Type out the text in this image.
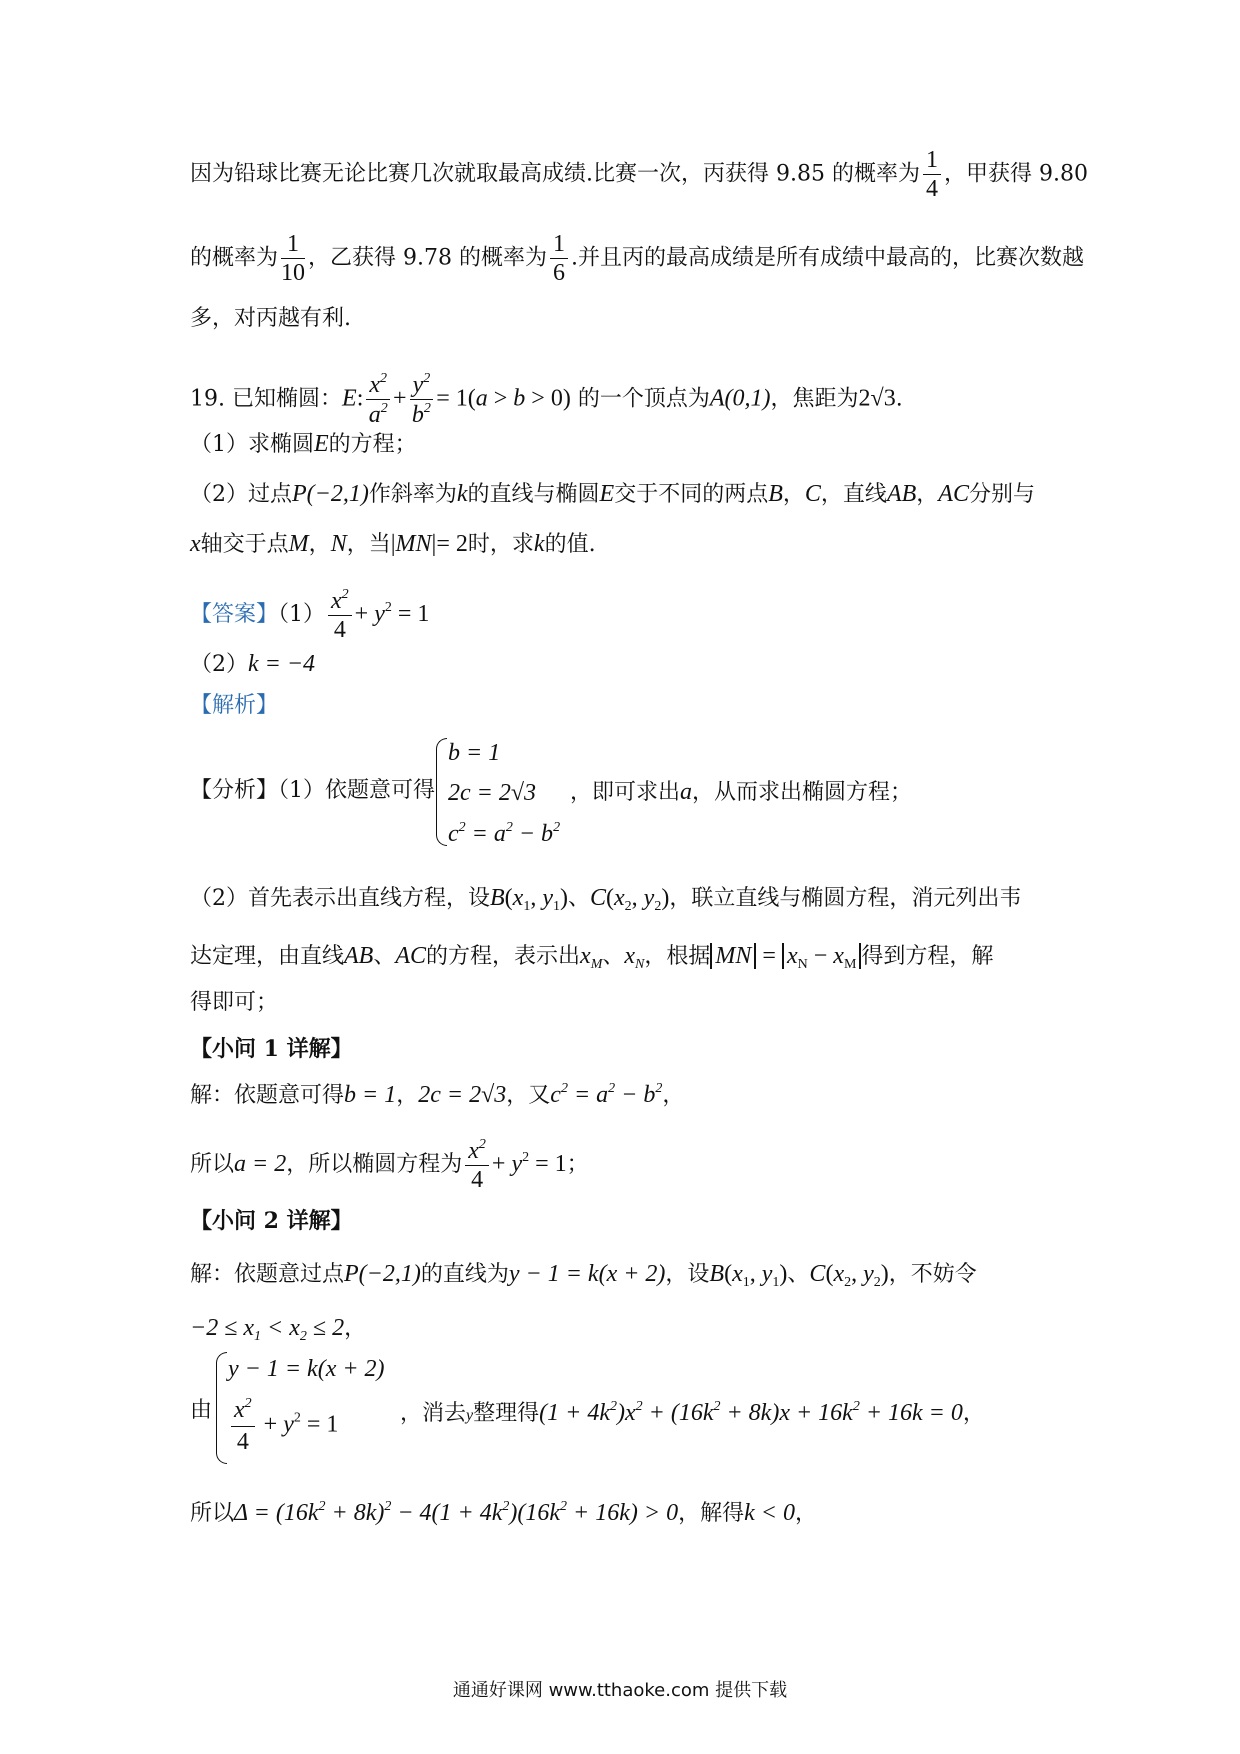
因为铅球比赛无论比赛几次就取最高成绩.比赛一次，丙获得 9.85 的概率为 $\frac{1}{4}$ ，甲获得 9.80
的概率为 $\frac{1}{10}$ ，乙获得 9.78 的概率为 $\frac{1}{6}$ .并且丙的最高成绩是所有成绩中最高的，比赛次数越
多，对丙越有利.
19. 已知椭圆：E: $\frac{x^2}{a^2} + \frac{y^2}{b^2} = 1(a > b > 0)$ 的一个顶点为A(0,1)，焦距为2√3.
（1）求椭圆E的方程；
（2）过点P(−2,1)作斜率为k的直线与椭圆E交于不同的两点B，C，直线AB，AC分别与
x轴交于点M，N，当|MN|= 2时，求k的值.
【答案】$(1) \frac{x^2}{4} + y^2 = 1$
（2）k = −4
【解析】
【分析】（1）依题意可得
b = 1
2c = 2√3
$c^2 = a^2 - b^2$
，即可求出a，从而求出椭圆方程；
（2）首先表示出直线方程，设$B(x_1$, $y_1$)、$C(x_2$, $y_2$)，联立直线与椭圆方程，消元列出韦
达定理，由直线AB、AC的方程，表示出$x_M$、$x_N$，根据 MN = $x_N - x_M$ 得到方程，解
得即可；
【小问 1 详解】
解：依题意可得b = 1，2c = 2√3，又$c^2 = a^2 - b^2$，
所以a = 2，所以椭圆方程为 $\frac{x^2}{4} + y^2 = 1$；
【小问 2 详解】
解：依题意过点P(−2,1)的直线为y − 1 = k(x + 2)，设$B(x_1$, $y_1$)、$C(x_2$, $y_2$)，不妨令
$-2 \le x_1 < x_2 \le 2$，
由
y − 1 = k(x + 2)
$\frac{x^2}{4} + y^2 = 1$	，消去y整理得$(1 + 4k^2)x^2 + (16k^2 + 8k)x + 16k^2 + 16k = 0$，
所以$\Delta = (16k^2 + 8k)^2 - 4(1 + 4k^2)(16k^2 + 16k) > 0$，解得k < 0，
通通好课网 www.tthaoke.com 提供下载
